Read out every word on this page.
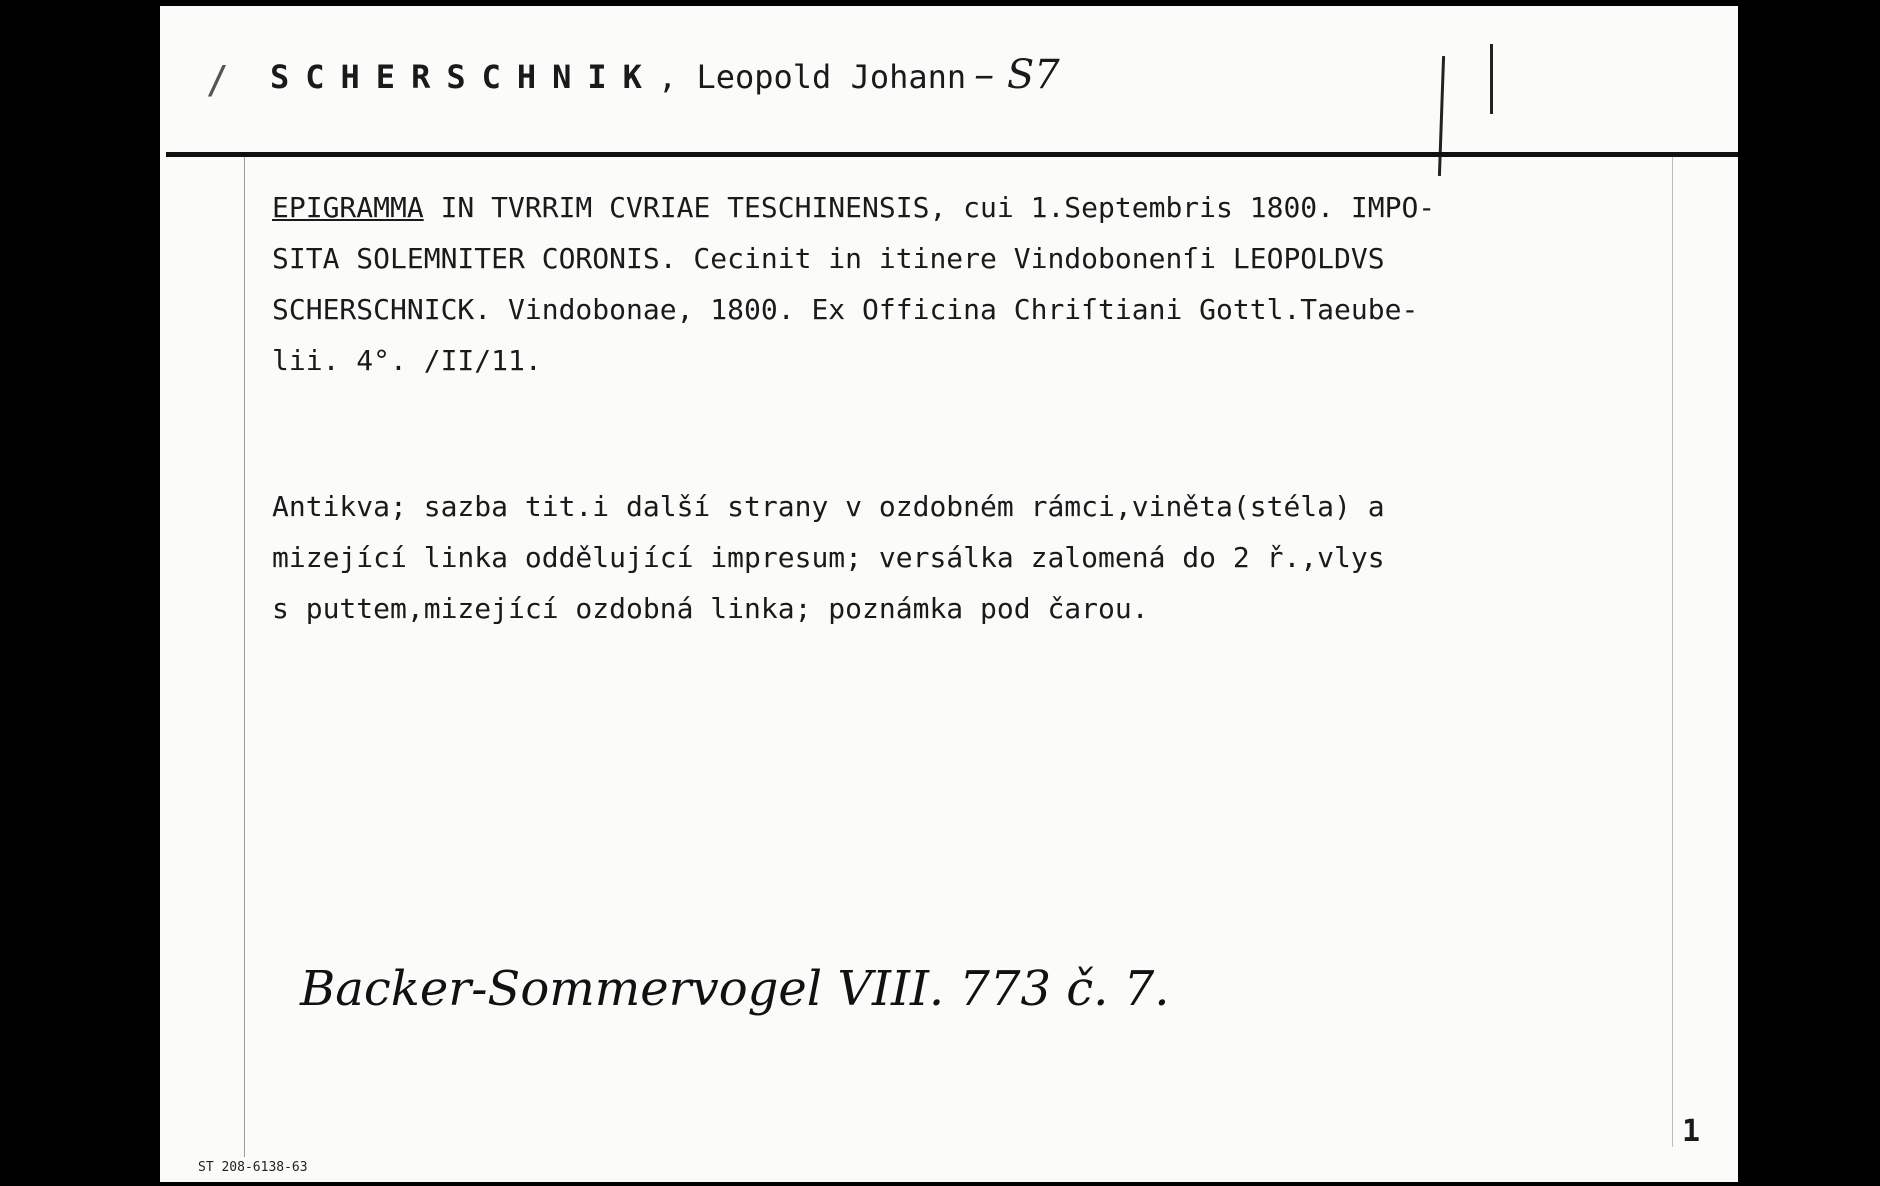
/ SCHERSCHNIK, Leopold Johann – S7

EPIGRAMMA IN TVRRIM CVRIAE TESCHINENSIS, cui 1.Septembris 1800. IMPO-
SITA SOLEMNITER CORONIS. Cecinit in itinere Vindobonenſi LEOPOLDVS
SCHERSCHNICK. Vindobonae, 1800. Ex Officina Chriſtiani Gottl.Taeube-
lii. 4°. /II/11.

Antikva; sazba tit.i další strany v ozdobném rámci,viněta(stéla) a
mizející linka oddělující impresum; versálka zalomená do 2 ř.,vlys
s puttem,mizející ozdobná linka; poznámka pod čarou.

Backer-Sommervogel VIII. 773 č. 7.
ST 208-6138-63
1
